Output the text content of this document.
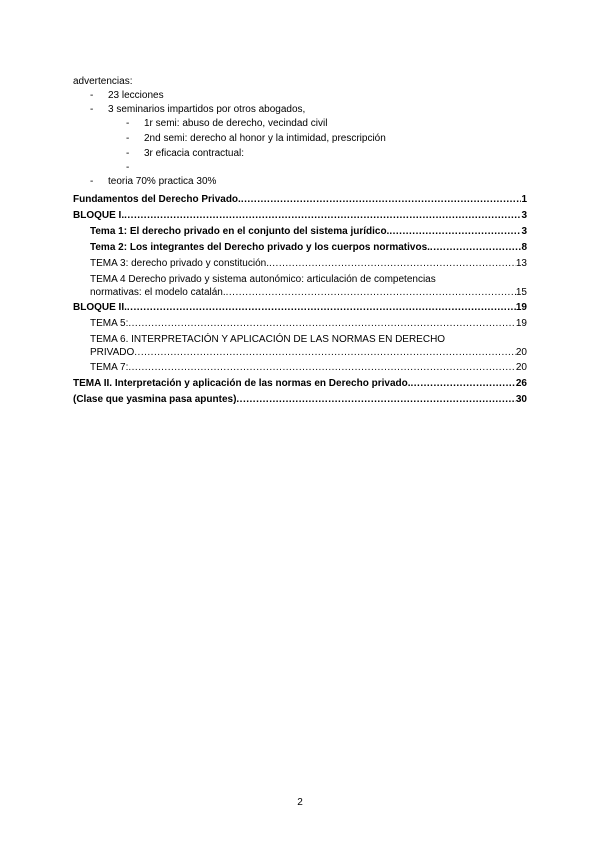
advertencias:
- 23 lecciones
- 3 seminarios impartidos por otros abogados,
- 1r semi: abuso de derecho, vecindad civil
- 2nd semi: derecho al honor y la intimidad, prescripción
- 3r eficacia contractual:
-
- teoria 70% practica 30%
Fundamentos del Derecho Privado. .....	1
BLOQUE I. .....	3
Tema 1: El derecho privado en el conjunto del sistema jurídico. .....	3
Tema 2: Los integrantes del Derecho privado y los cuerpos normativos. .....	8
TEMA 3: derecho privado y constitución. .....	13
TEMA 4 Derecho privado y sistema autonómico: articulación de competencias
normativas: el modelo catalán. .....	15
BLOQUE II. .....	19
TEMA 5: .....	19
TEMA 6. INTERPRETACIÓN Y APLICACIÓN DE LAS NORMAS EN DERECHO
PRIVADO .....	20
TEMA 7: .....	20
TEMA II. Interpretación y aplicación de las normas en Derecho privado. .....	26
(Clase que yasmina pasa apuntes) .....	30
2
